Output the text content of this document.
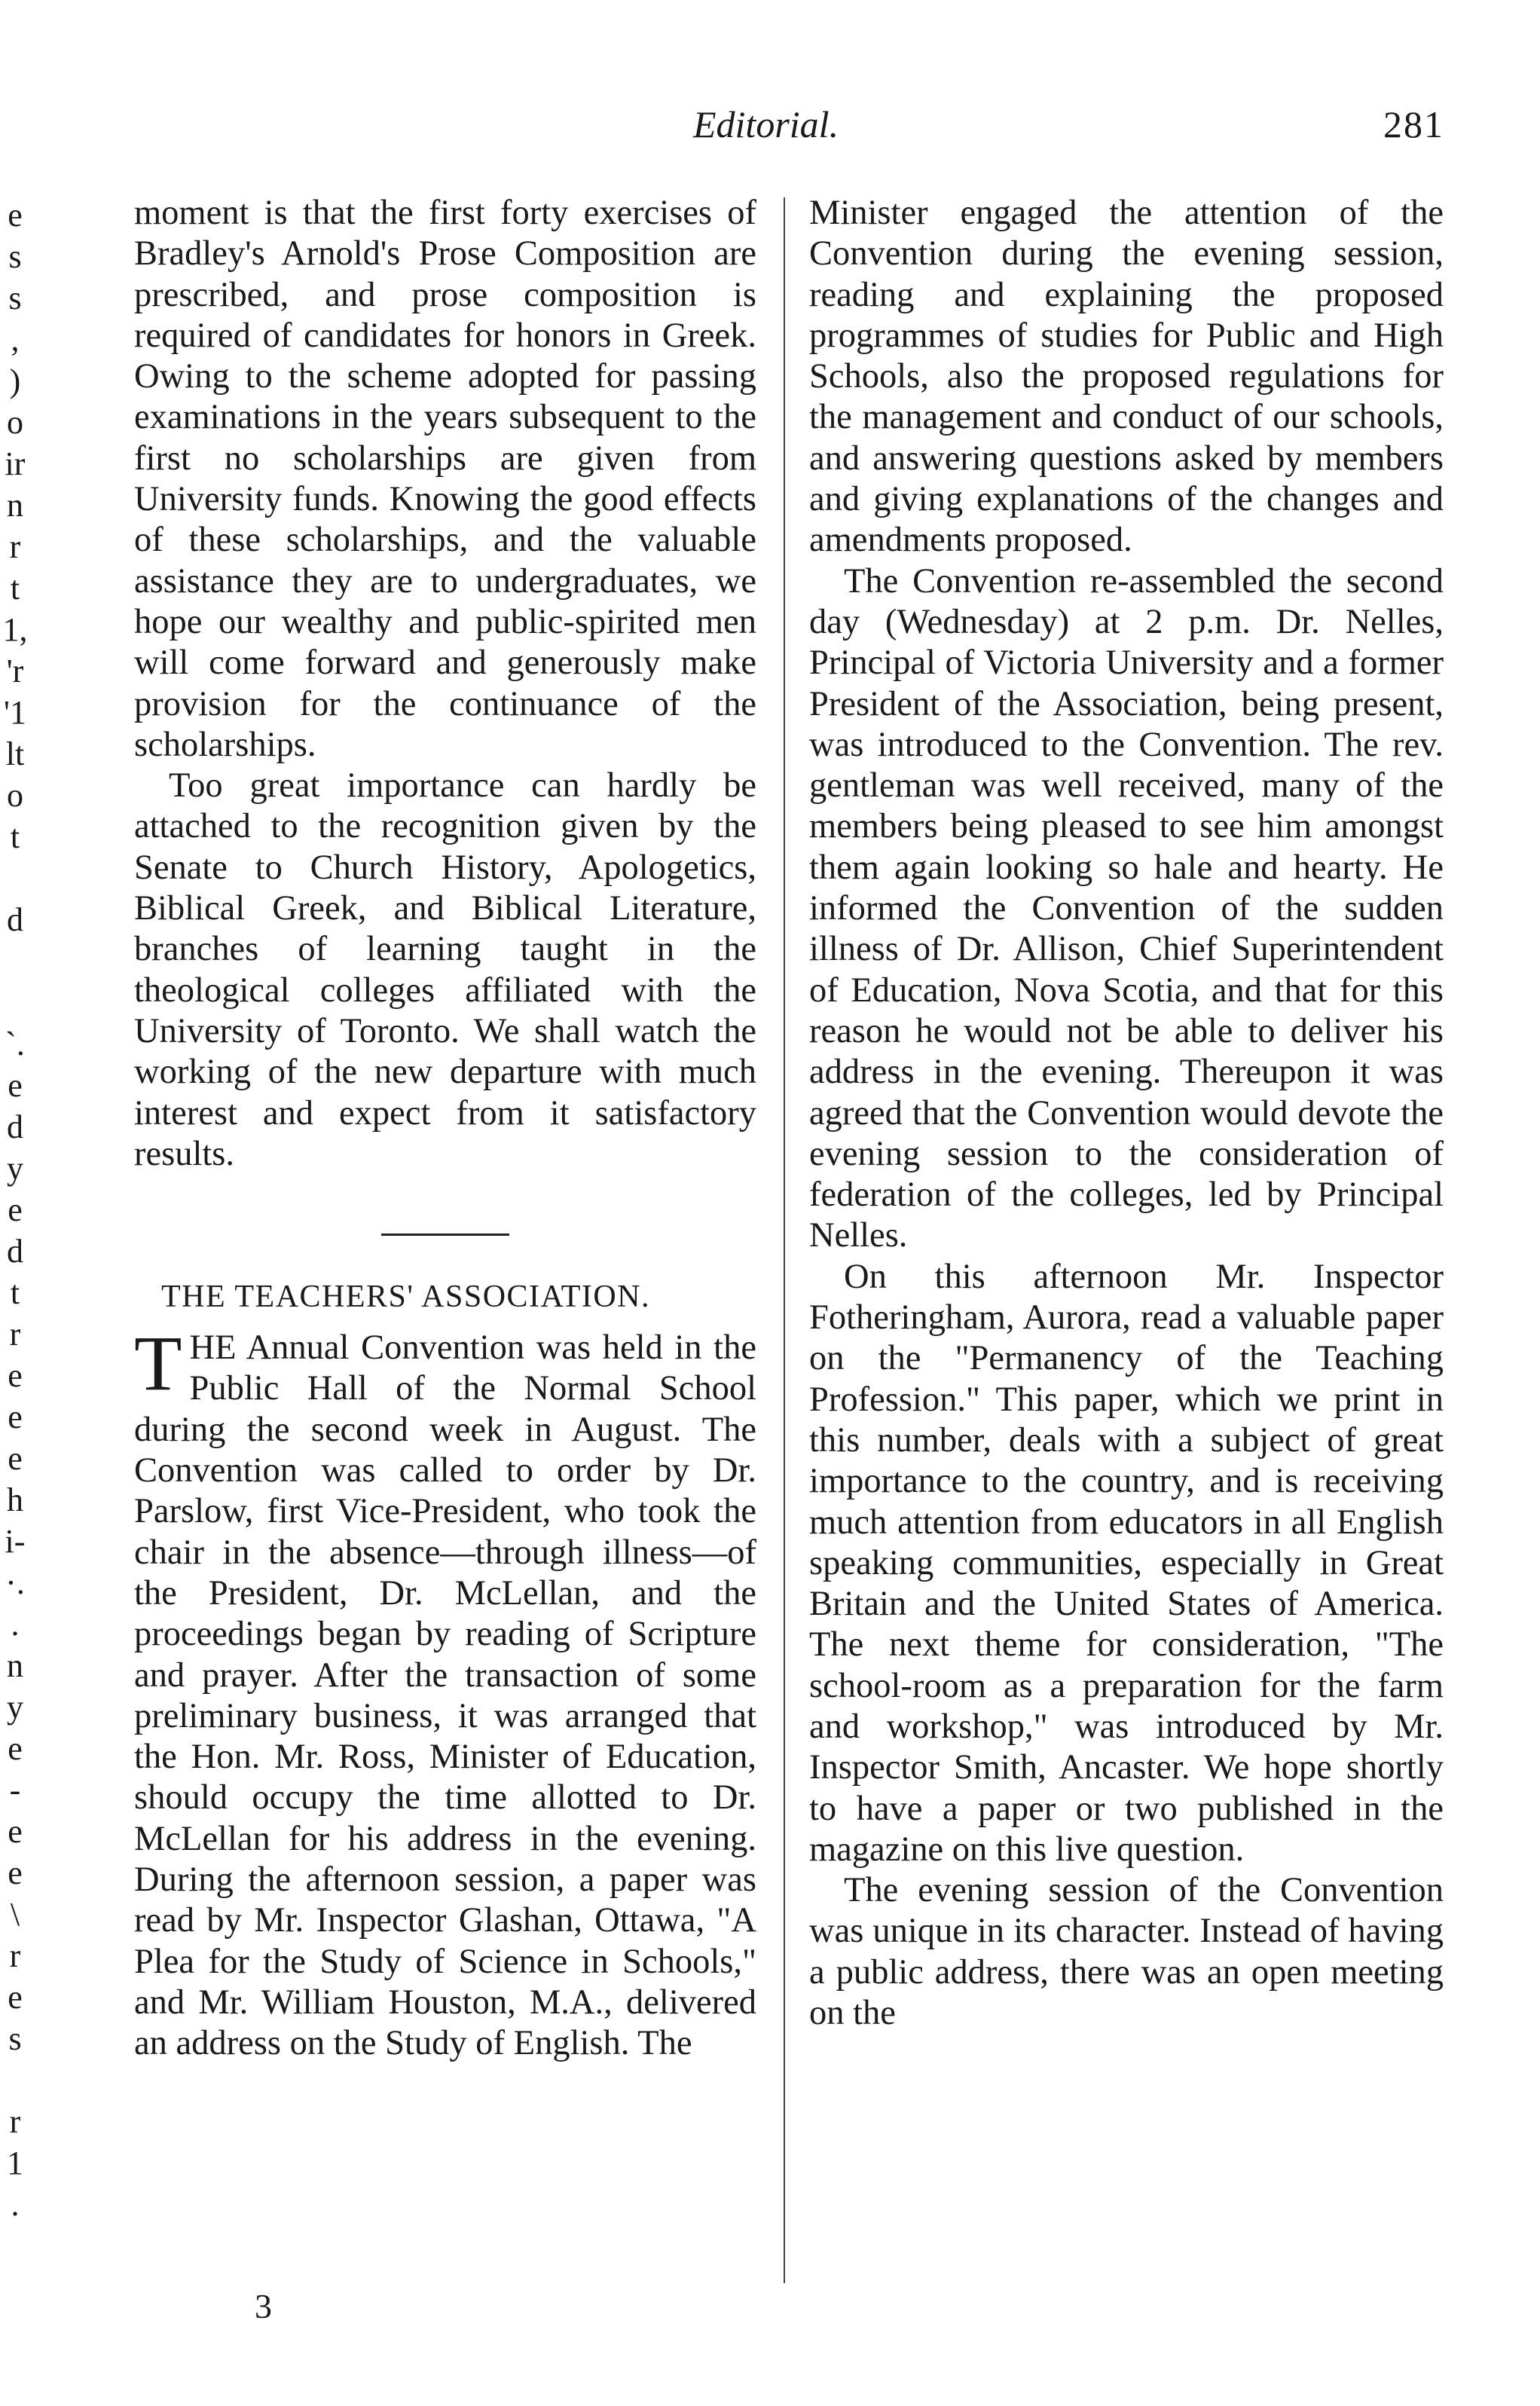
Editorial.	281
e
s
s
,
)
o
ir
n
r
t
1,
'r
'1
lt
o
t
d
`.
e
d
y
e
d
t
r
e
e
e
h
i-
·.
.
n
y
e
-
e
e
\
r
e
s
r
1
.

moment is that the first forty exercises of Bradley's Arnold's Prose Composition are prescribed, and prose composition is required of candidates for honors in Greek. Owing to the scheme adopted for passing examinations in the years subsequent to the first no scholarships are given from University funds. Knowing the good effects of these scholarships, and the valuable assistance they are to undergraduates, we hope our wealthy and public-spirited men will come forward and generously make provision for the continuance of the scholarships.

Too great importance can hardly be attached to the recognition given by the Senate to Church History, Apologetics, Biblical Greek, and Biblical Literature, branches of learning taught in the theological colleges affiliated with the University of Toronto. We shall watch the working of the new departure with much interest and expect from it satisfactory results.

THE TEACHERS' ASSOCIATION.

THE Annual Convention was held in the Public Hall of the Normal School during the second week in August. The Convention was called to order by Dr. Parslow, first Vice-President, who took the chair in the absence—through illness—of the President, Dr. McLellan, and the proceedings began by reading of Scripture and prayer. After the transaction of some preliminary business, it was arranged that the Hon. Mr. Ross, Minister of Education, should occupy the time allotted to Dr. McLellan for his address in the evening. During the afternoon session, a paper was read by Mr. Inspector Glashan, Ottawa, "A Plea for the Study of Science in Schools," and Mr. William Houston, M.A., delivered an address on the Study of English. The

Minister engaged the attention of the Convention during the evening session, reading and explaining the proposed programmes of studies for Public and High Schools, also the proposed regulations for the management and conduct of our schools, and answering questions asked by members and giving explanations of the changes and amendments proposed.

The Convention re-assembled the second day (Wednesday) at 2 p.m. Dr. Nelles, Principal of Victoria University and a former President of the Association, being present, was introduced to the Convention. The rev. gentleman was well received, many of the members being pleased to see him amongst them again looking so hale and hearty. He informed the Convention of the sudden illness of Dr. Allison, Chief Superintendent of Education, Nova Scotia, and that for this reason he would not be able to deliver his address in the evening. Thereupon it was agreed that the Convention would devote the evening session to the consideration of federation of the colleges, led by Principal Nelles.

On this afternoon Mr. Inspector Fotheringham, Aurora, read a valuable paper on the "Permanency of the Teaching Profession." This paper, which we print in this number, deals with a subject of great importance to the country, and is receiving much attention from educators in all English speaking communities, especially in Great Britain and the United States of America. The next theme for consideration, "The school-room as a preparation for the farm and workshop," was introduced by Mr. Inspector Smith, Ancaster. We hope shortly to have a paper or two published in the magazine on this live question.

The evening session of the Convention was unique in its character. Instead of having a public address, there was an open meeting on the

3
